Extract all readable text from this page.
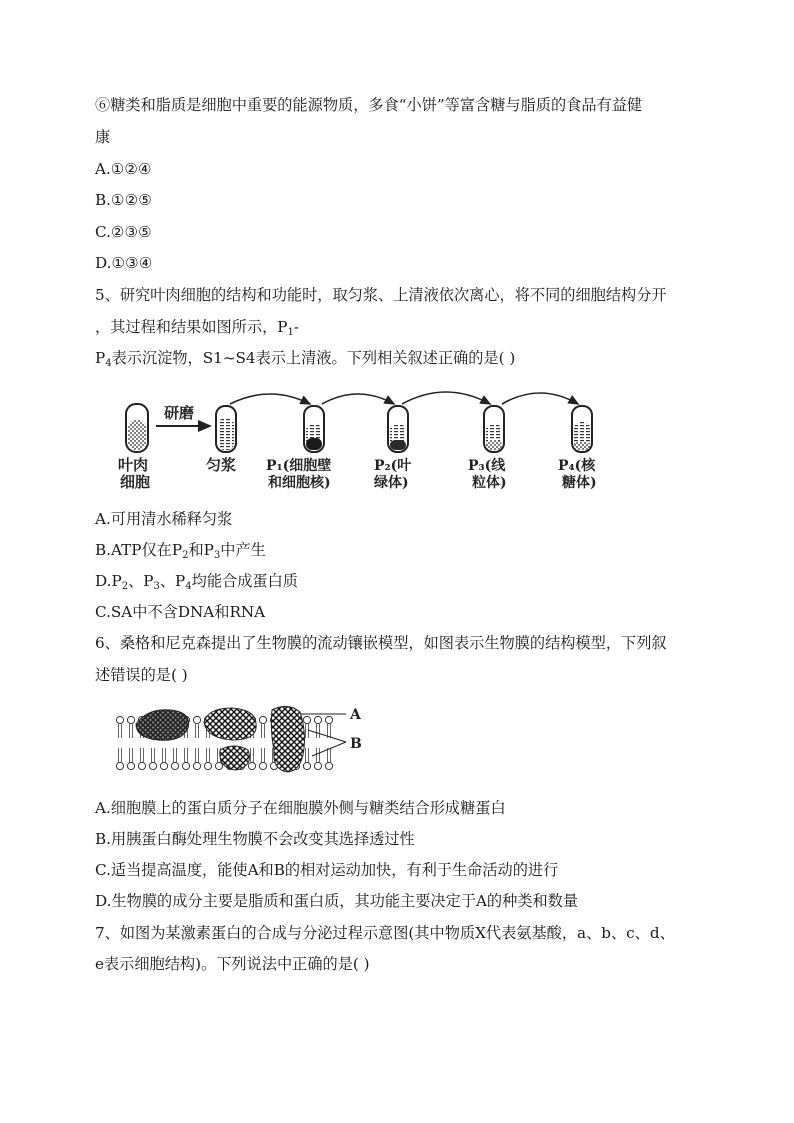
⑥糖类和脂质是细胞中重要的能源物质，多食“小饼”等富含糖与脂质的食品有益健
康
A.①②④
B.①②⑤
C.②③⑤
D.①③④
5、研究叶肉细胞的结构和功能时，取匀浆、上清液依次离心，将不同的细胞结构分开
，其过程和结果如图所示，$P_1-$
$P_4$表示沉淀物，S1~S4表示上清液。下列相关叙述正确的是( )
研磨
叶肉
细胞
匀浆 P₁(细胞壁
和细胞核)
P₂(叶
绿体)
P₃(线
粒体)
P₄(核
糖体)
A.可用清水稀释匀浆
B.ATP仅在$P_2$和$P_3$中产生
$D.P_2$、$P_3$、$P_4$均能合成蛋白质
C.SA中不含DNA和RNA
6、桑格和尼克森提出了生物膜的流动镶嵌模型，如图表示生物膜的结构模型，下列叙
述错误的是( )
A
B
A.细胞膜上的蛋白质分子在细胞膜外侧与糖类结合形成糖蛋白
B.用胰蛋白酶处理生物膜不会改变其选择透过性
C.适当提高温度，能使A和B的相对运动加快，有利于生命活动的进行
D.生物膜的成分主要是脂质和蛋白质，其功能主要决定于A的种类和数量
7、如图为某激素蛋白的合成与分泌过程示意图(其中物质X代表氨基酸，a、b、c、d、
e表示细胞结构)。下列说法中正确的是( )
